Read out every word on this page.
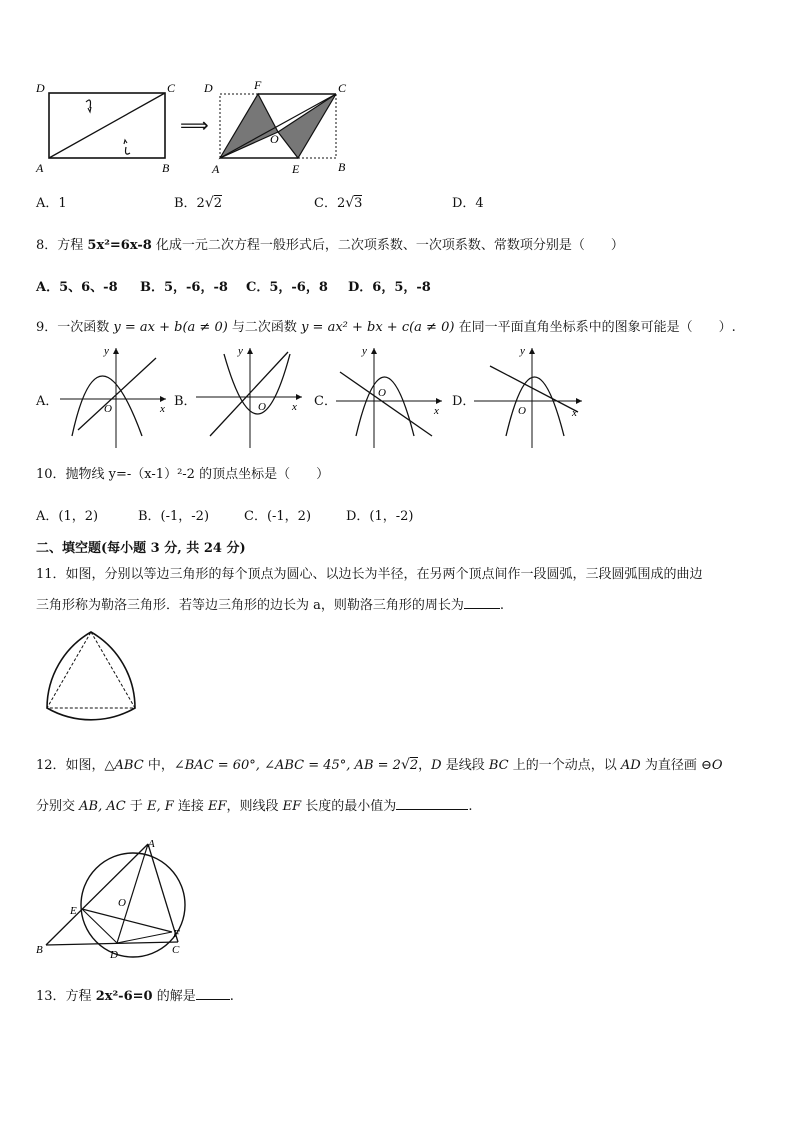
D	C
A	B
⟹
D	F	C
O
A	E	B
A．1	B．2√2	C．2√3	D．4
8．方程 5x²=6x-8 化成一元二次方程一般形式后，二次项系数、一次项系数、常数项分别是（　　）
A．5、6、-8 B．5，-6，-8 C．5，-6，8 D．6，5，-8
9．一次函数 y = ax + b(a ≠ 0) 与二次函数 y = ax² + bx + c(a ≠ 0) 在同一平面直角坐标系中的图象可能是（　　）.
A．	x
y
O	B．	x
y
O	C．
x
y
O
D．
x
y
O
10．抛物线 y=-（x-1）²-2 的顶点坐标是（　　）
A．(1，2)	B．(-1，-2)	C．(-1，2)	D．(1，-2)
二、填空题(每小题 3 分, 共 24 分)
11．如图，分别以等边三角形的每个顶点为圆心、以边长为半径，在另两个顶点间作一段圆弧，三段圆弧围成的曲边
三角形称为勒洛三角形．若等边三角形的边长为 a，则勒洛三角形的周长为	.
12．如图，△ABC 中，∠BAC = 60°, ∠ABC = 45°, AB = 2√2，D 是线段 BC 上的一个动点，以 AD 为直径画 ⊖O
分别交 AB, AC 于 E, F 连接 EF，则线段 EF 长度的最小值为	.
A
B	C
D
E
F
O
13．方程 2x²-6=0 的解是	.
